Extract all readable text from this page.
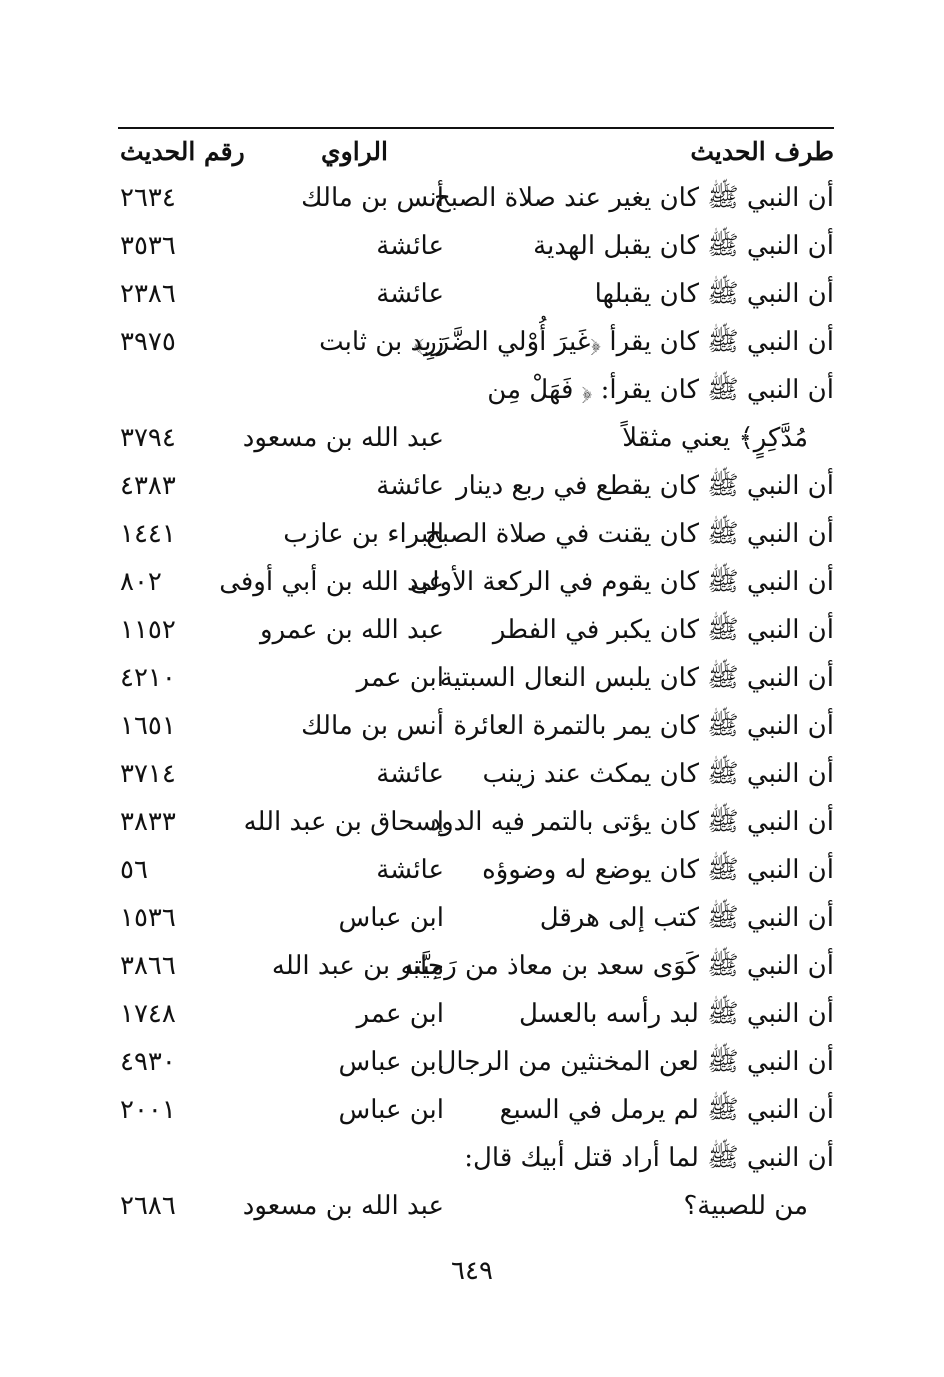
طرف الحديث
الراوي
رقم الحديث
أن النبي ﷺ كان يغير عند صلاة الصبح
أنس بن مالك
٢٦٣٤
أن النبي ﷺ كان يقبل الهدية
عائشة
٣٥٣٦
أن النبي ﷺ كان يقبلها
عائشة
٢٣٨٦
أن النبي ﷺ كان يقرأ ﴿غَيرَ أُوْلي الضَّرَرِ﴾
زيد بن ثابت
٣٩٧٥
أن النبي ﷺ كان يقرأ: ﴿ فَهَلْ مِن
مُدَّكِرٍ﴾ يعني مثقلاً
عبد الله بن مسعود
٣٧٩٤
أن النبي ﷺ كان يقطع في ربع دينار
عائشة
٤٣٨٣
أن النبي ﷺ كان يقنت في صلاة الصبح
البراء بن عازب
١٤٤١
أن النبي ﷺ كان يقوم في الركعة الأولى
عبد الله بن أبي أوفى
٨٠٢
أن النبي ﷺ كان يكبر في الفطر
عبد الله بن عمرو
١١٥٢
أن النبي ﷺ كان يلبس النعال السبتية
ابن عمر
٤٢١٠
أن النبي ﷺ كان يمر بالتمرة العائرة
أنس بن مالك
١٦٥١
أن النبي ﷺ كان يمكث عند زينب
عائشة
٣٧١٤
أن النبي ﷺ كان يؤتى بالتمر فيه الدود
إسحاق بن عبد الله
٣٨٣٣
أن النبي ﷺ كان يوضع له وضوؤه
عائشة
٥٦
أن النبي ﷺ كتب إلى هرقل
ابن عباس
١٥٣٦
أن النبي ﷺ كَوَى سعد بن معاذ من رَمِيَّته
جابر بن عبد الله
٣٨٦٦
أن النبي ﷺ لبد رأسه بالعسل
ابن عمر
١٧٤٨
أن النبي ﷺ لعن المخنثين من الرجال
ابن عباس
٤٩٣٠
أن النبي ﷺ لم يرمل في السبع
ابن عباس
٢٠٠١
أن النبي ﷺ لما أراد قتل أبيك قال:
من للصبية؟
عبد الله بن مسعود
٢٦٨٦
٦٤٩
